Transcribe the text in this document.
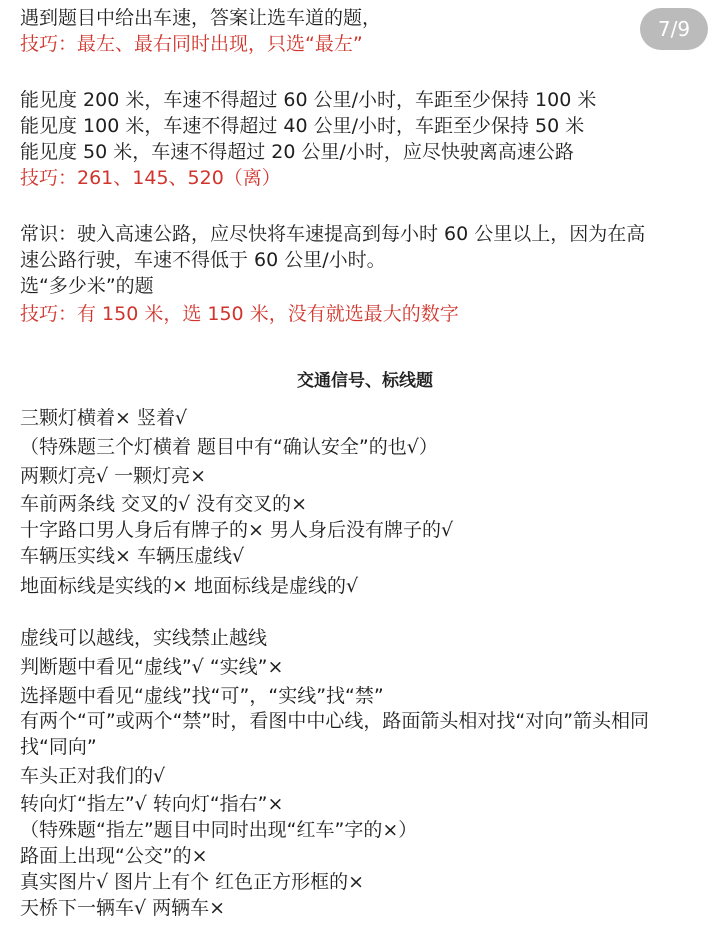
7/9
遇到题目中给出车速，答案让选车道的题，
技巧：最左、最右同时出现，只选“最左”
能见度 200 米，车速不得超过 60 公里/小时，车距至少保持 100 米
能见度 100 米，车速不得超过 40 公里/小时，车距至少保持 50 米
能见度 50 米，车速不得超过 20 公里/小时，应尽快驶离高速公路
技巧：261、145、520（离）
常识：驶入高速公路，应尽快将车速提高到每小时 60 公里以上，因为在高
速公路行驶，车速不得低于 60 公里/小时。
选“多少米”的题
技巧：有 150 米，选 150 米，没有就选最大的数字
交通信号、标线题
三颗灯横着× 竖着√
（特殊题三个灯横着 题目中有“确认安全”的也√）
两颗灯亮√ 一颗灯亮×
车前两条线 交叉的√ 没有交叉的×
十字路口男人身后有牌子的× 男人身后没有牌子的√
车辆压实线× 车辆压虚线√
地面标线是实线的× 地面标线是虚线的√
虚线可以越线，实线禁止越线
判断题中看见“虚线”√ “实线”×
选择题中看见“虚线”找“可”，“实线”找“禁”
有两个“可”或两个“禁”时，看图中中心线，路面箭头相对找“对向”箭头相同
找“同向”
车头正对我们的√
转向灯“指左”√ 转向灯“指右”×
（特殊题“指左”题目中同时出现“红车”字的×）
路面上出现“公交”的×
真实图片√ 图片上有个 红色正方形框的×
天桥下一辆车√ 两辆车×
